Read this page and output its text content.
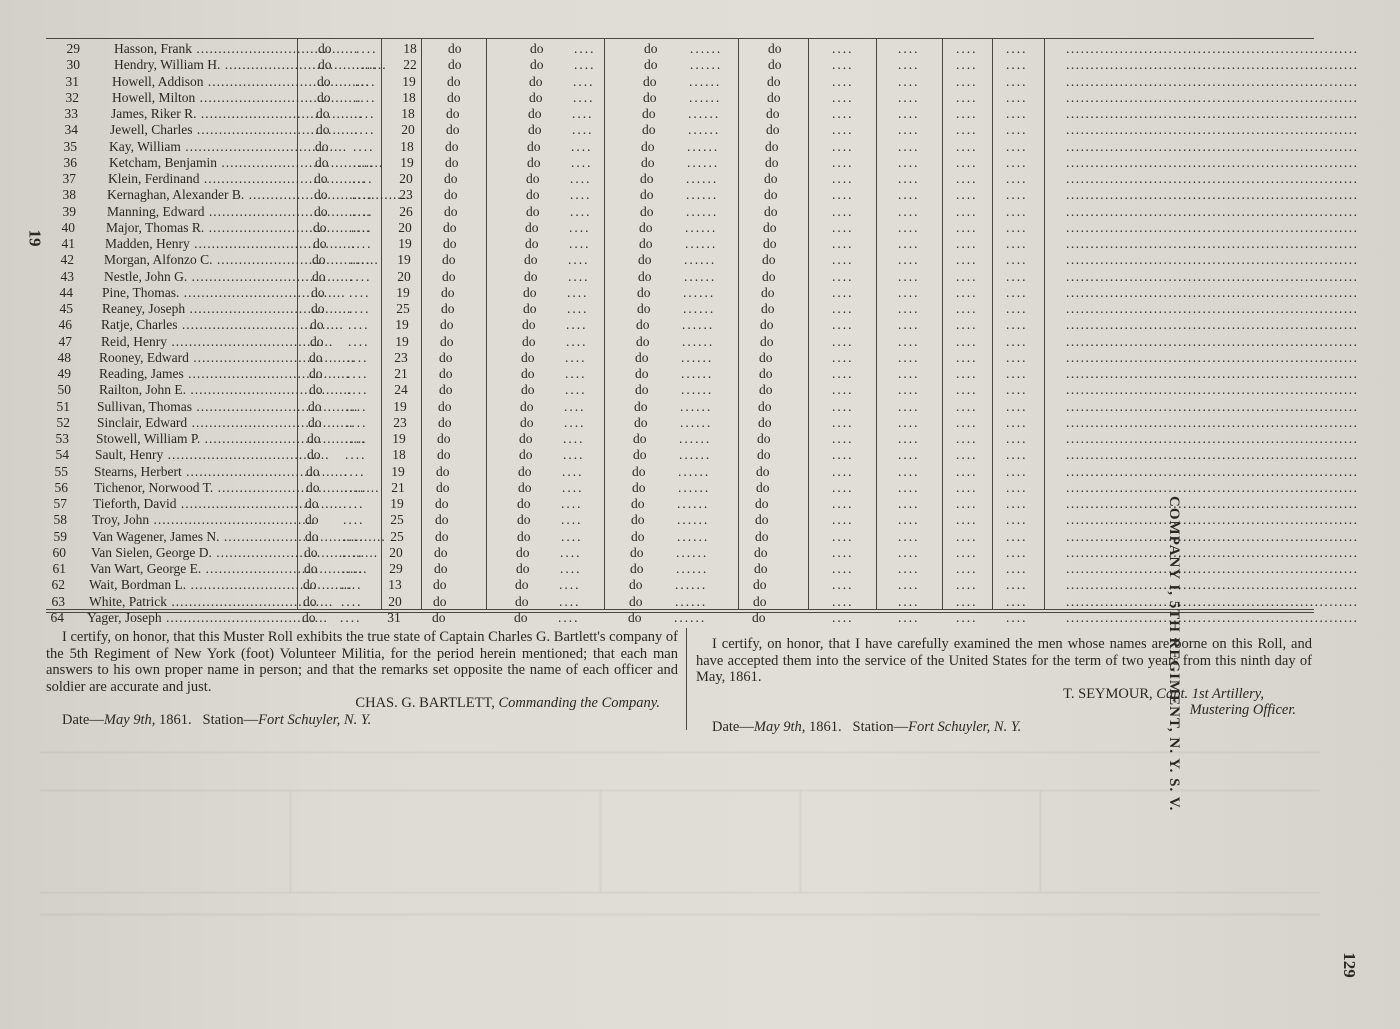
29	Hasson, Frank .....	do ....	18	do	do ....	do ......	do	....	....	.... ....	............................................................
30	Hendry, William H. .....	do ....	22	do	do ....	do ......	do	....	....	.... ....	............................................................
31 Howell, Addison .....	do ....	19	do	do ....	do ......	do	....	....	.... ....	............................................................
32 Howell, Milton .....	do ....	18	do	do ....	do ......	do	....	....	.... ....	............................................................
33 James, Riker R. .....	do ....	18	do	do ....	do ......	do	....	....	.... ....	............................................................
34 Jewell, Charles .....	do ....	20	do	do ....	do ......	do	....	....	.... ....	............................................................
35 Kay, William .....	do ....	18	do	do ....	do ......	do	....	....	.... ....	............................................................
36 Ketcham, Benjamin .....	do ....	19	do	do ....	do ......	do	....	....	.... ....	............................................................
37 Klein, Ferdinand .....	do ....	20	do	do ....	do ......	do	....	....	.... ....	............................................................
38 Kernaghan, Alexander B. .....	do ....	23	do	do ....	do ......	do	....	....	.... ....	............................................................
39 Manning, Edward .....	do ....	26	do	do ....	do ......	do	....	....	.... ....	............................................................
40 Major, Thomas R. .....	do ....	20	do	do ....	do ......	do	....	....	.... ....	............................................................
41 Madden, Henry .....	do ....	19	do	do ....	do ......	do	....	....	.... ....	............................................................
42 Morgan, Alfonzo C. .....	do ....	19	do	do ....	do ......	do	....	....	.... ....	............................................................
43 Nestle, John G. .....	do ....	20	do	do ....	do ......	do	....	....	.... ....	............................................................
44 Pine, Thomas. .....	do ....	19	do	do ....	do ......	do	....	....	.... ....	............................................................
45 Reaney, Joseph .....	do ....	25	do	do ....	do ......	do	....	....	.... ....	............................................................
46 Ratje, Charles .....	do ....	19	do	do ....	do ......	do	....	....	.... ....	............................................................
47 Reid, Henry .....	do ....	19	do	do ....	do ......	do	....	....	.... ....	............................................................
48 Rooney, Edward .....	do ....	23	do	do ....	do ......	do	....	....	.... ....	............................................................
49 Reading, James .....	do ....	21	do	do ....	do ......	do	....	....	.... ....	............................................................
50 Railton, John E. .....	do ....	24	do	do ....	do ......	do	....	....	.... ....	............................................................
51 Sullivan, Thomas .....	do ....	19	do	do ....	do ......	do	....	....	.... ....	............................................................
52 Sinclair, Edward .....	do ....	23	do	do ....	do ......	do	....	....	.... ....	............................................................
53 Stowell, William P. .....	do ....	19	do	do ....	do ......	do	....	....	.... ....	............................................................
54 Sault, Henry .....	do ....	18	do	do ....	do ......	do	....	....	.... ....	............................................................
55 Stearns, Herbert .....	do ....	19	do	do ....	do ......	do	....	....	.... ....	............................................................
56 Tichenor, Norwood T. .....	do ....	21	do	do ....	do ......	do	....	....	.... ....	............................................................
57 Tieforth, David .....	do ....	19	do	do ....	do ......	do	....	....	.... ....	............................................................
58 Troy, John .....	do ....	25	do	do ....	do ......	do	....	....	.... ....	............................................................
59 Van Wagener, James N. .....	do ....	25	do	do ....	do ......	do	....	....	.... ....	............................................................
60 Van Sielen, George D. .....	do ....	20	do	do ....	do ......	do	....	....	.... ....	............................................................
61 Van Wart, George E. .....	do ....	29	do	do ....	do ......	do	....	....	.... ....	............................................................
62 Wait, Bordman L. .....	do ....	13	do	do ....	do ......	do	....	....	.... ....	............................................................
63 White, Patrick .....	do ....	20	do	do ....	do ......	do	....	....	.... ....	............................................................
64 Yager, Joseph .....	do ....	31	do	do ....	do ......	do	....	....	.... ....	............................................................
19
COMPANY I, 5TH REGIMENT, N. Y. S. V.
129
I certify, on honor, that this Muster Roll exhibits the true state of Captain Charles G. Bartlett's company of the 5th Regiment of New York (foot) Volunteer Militia, for the period herein mentioned; that each man answers to his own proper name in person; and that the remarks set opposite the name of each officer and soldier are accurate and just.
CHAS. G. BARTLETT, Commanding the Company.
Date—May 9th, 1861. Station—Fort Schuyler, N. Y.
I certify, on honor, that I have carefully examined the men whose names are borne on this Roll, and have accepted them into the service of the United States for the term of two years from this ninth day of May, 1861.
T. SEYMOUR, Capt. 1st Artillery,
Mustering Officer.
Date—May 9th, 1861. Station—Fort Schuyler, N. Y.
